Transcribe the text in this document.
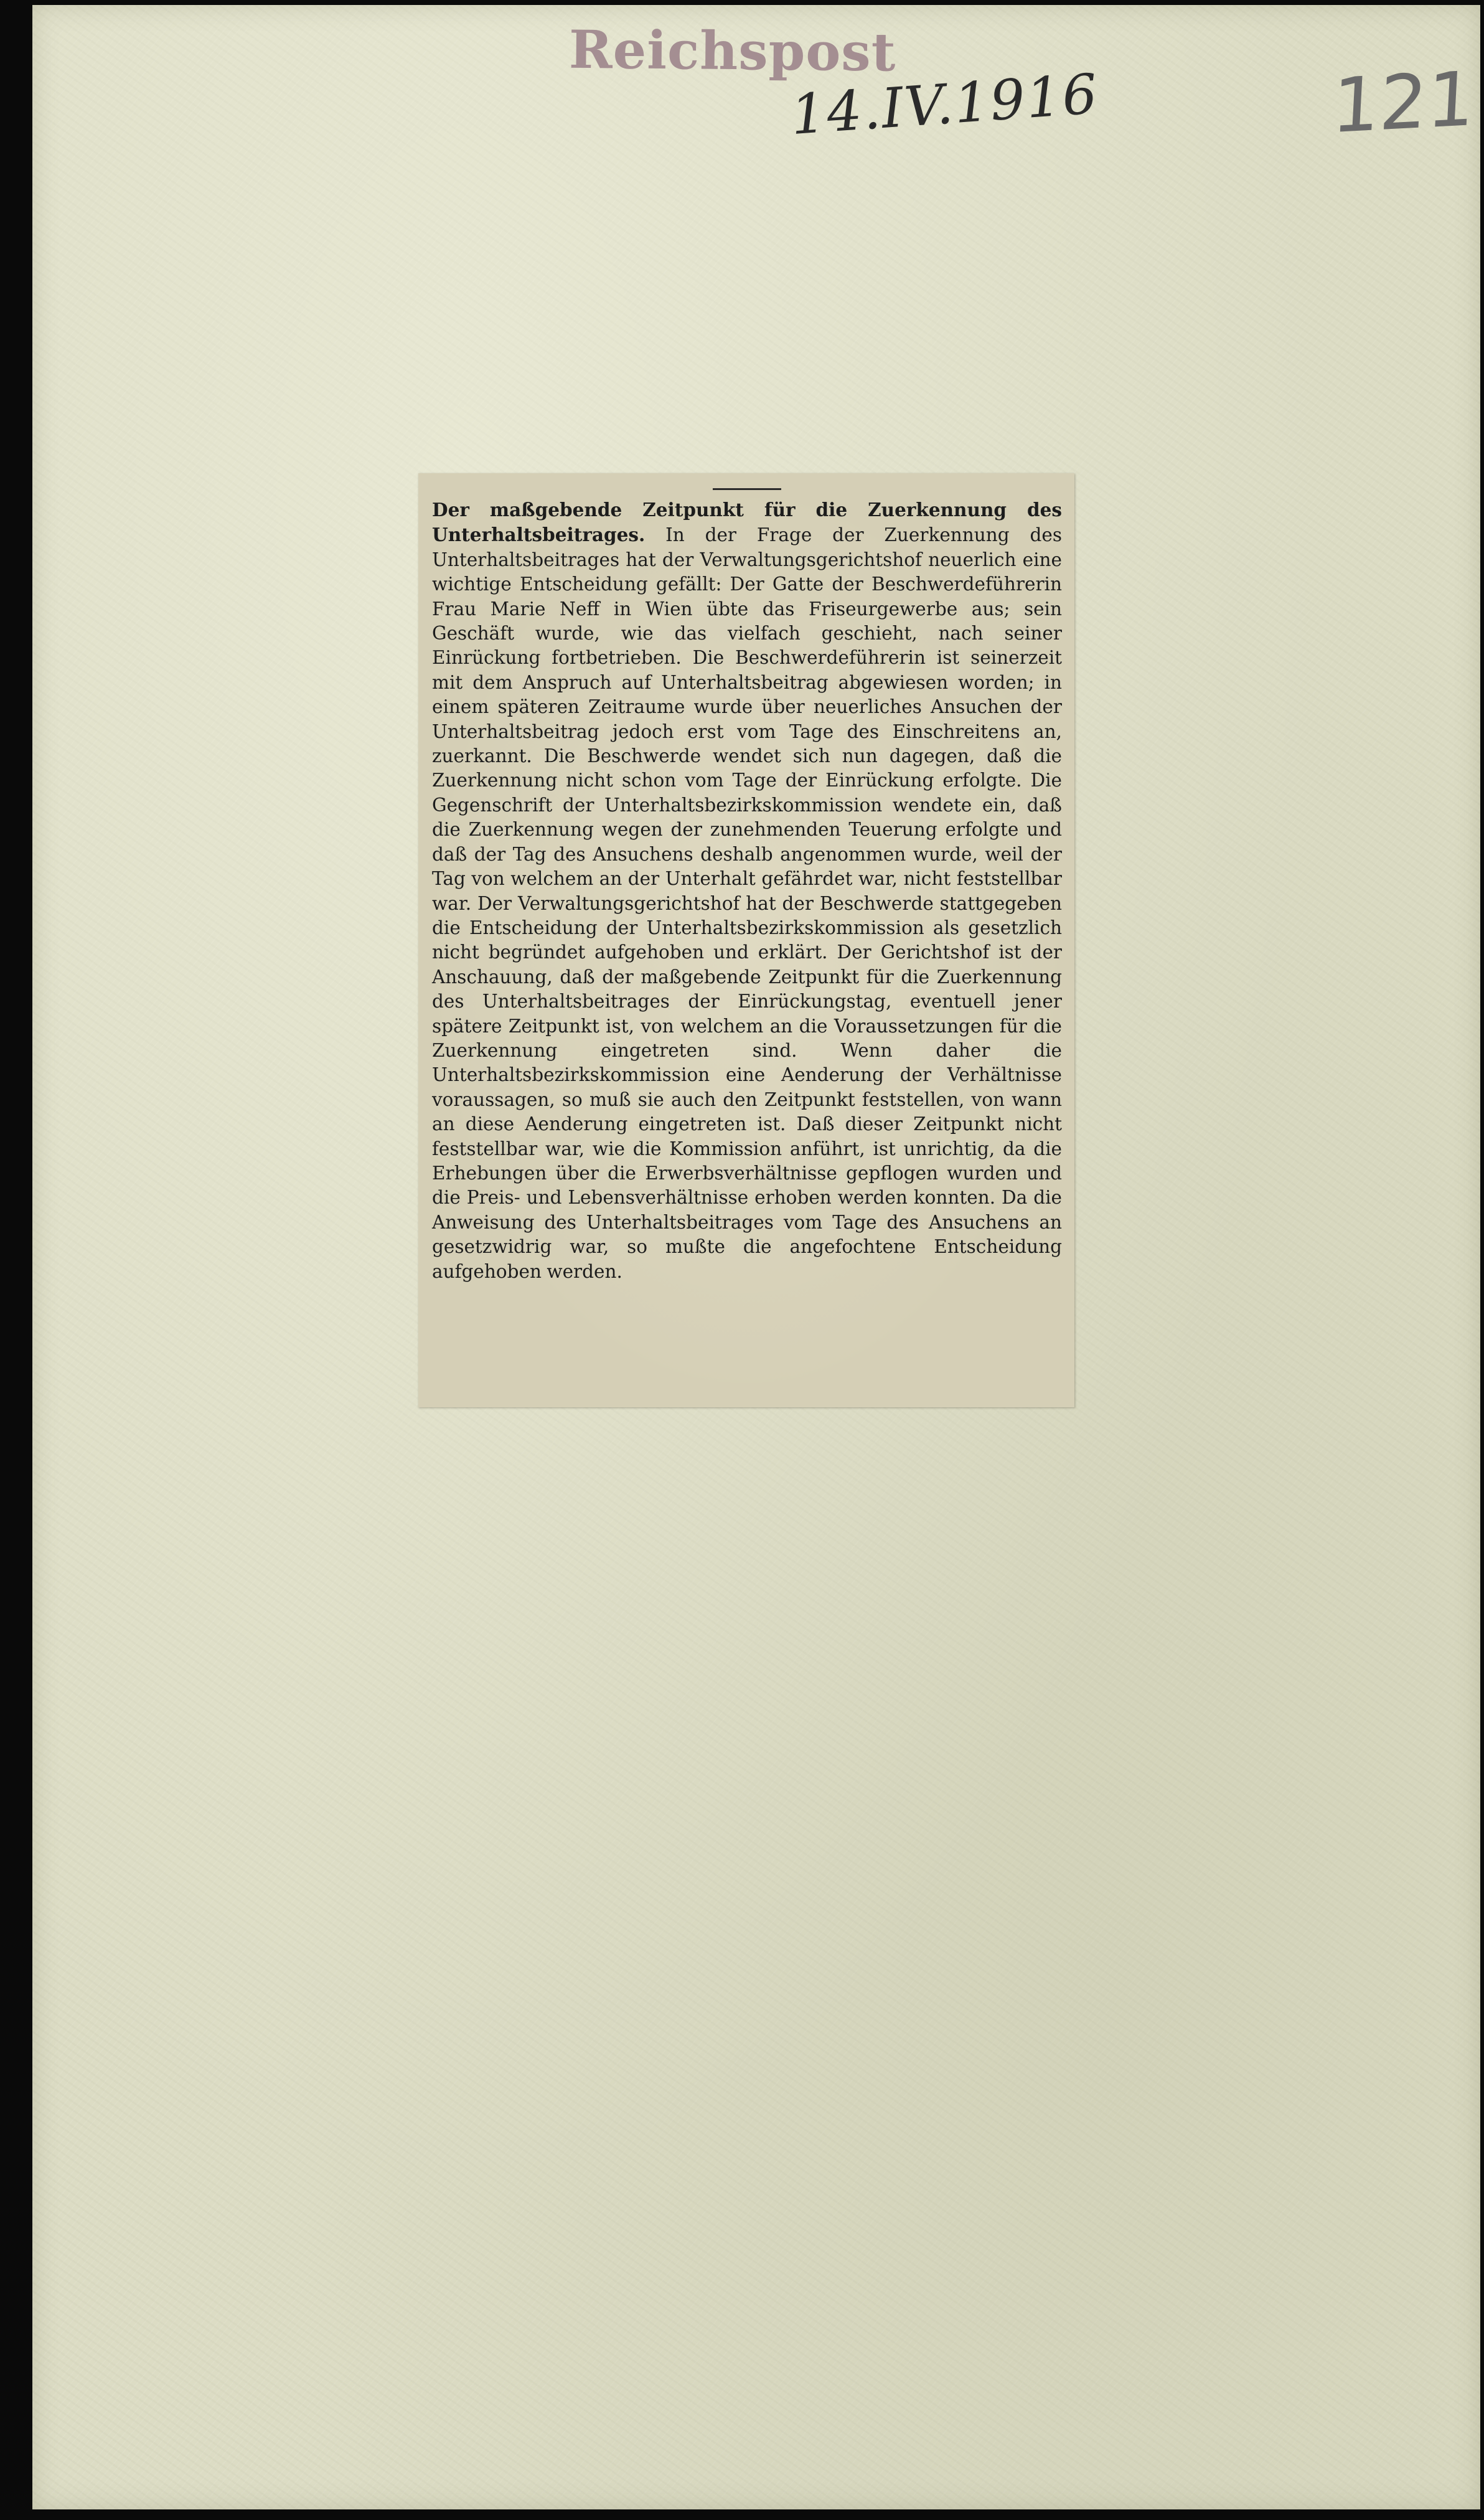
Reichspost
14.IV.1916	121

Der maßgebende Zeitpunkt für die Zuerkennung des Unterhaltsbeitrages. In der Frage der Zuerkennung des Unterhaltsbeitrages hat der Verwaltungsgerichtshof neuerlich eine wichtige Entscheidung gefällt: Der Gatte der Beschwerdeführerin Frau Marie Neff in Wien übte das Friseurgewerbe aus; sein Geschäft wurde, wie das vielfach geschieht, nach seiner Einrückung fortbetrieben. Die Beschwerdeführerin ist seinerzeit mit dem Anspruch auf Unterhaltsbeitrag abgewiesen worden; in einem späteren Zeitraume wurde über neuerliches Ansuchen der Unterhaltsbeitrag jedoch erst vom Tage des Einschreitens an, zuerkannt. Die Beschwerde wendet sich nun dagegen, daß die Zuerkennung nicht schon vom Tage der Einrückung erfolgte. Die Gegenschrift der Unterhaltsbezirkskommission wendete ein, daß die Zuerkennung wegen der zunehmenden Teuerung erfolgte und daß der Tag des Ansuchens deshalb angenommen wurde, weil der Tag von welchem an der Unterhalt gefährdet war, nicht feststellbar war. Der Verwaltungsgerichtshof hat der Beschwerde stattgegeben die Entscheidung der Unterhaltsbezirkskommission als gesetzlich nicht begründet aufgehoben und erklärt. Der Gerichtshof ist der Anschauung, daß der maßgebende Zeitpunkt für die Zuerkennung des Unterhaltsbeitrages der Einrückungstag, eventuell jener spätere Zeitpunkt ist, von welchem an die Voraussetzungen für die Zuerkennung eingetreten sind. Wenn daher die Unterhaltsbezirkskommission eine Aenderung der Verhältnisse voraussagen, so muß sie auch den Zeitpunkt feststellen, von wann an diese Aenderung eingetreten ist. Daß dieser Zeitpunkt nicht feststellbar war, wie die Kommission anführt, ist unrichtig, da die Erhebungen über die Erwerbsverhältnisse gepflogen wurden und die Preis- und Lebensverhältnisse erhoben werden konnten. Da die Anweisung des Unterhaltsbeitrages vom Tage des Ansuchens an gesetzwidrig war, so mußte die angefochtene Entscheidung aufgehoben werden.
